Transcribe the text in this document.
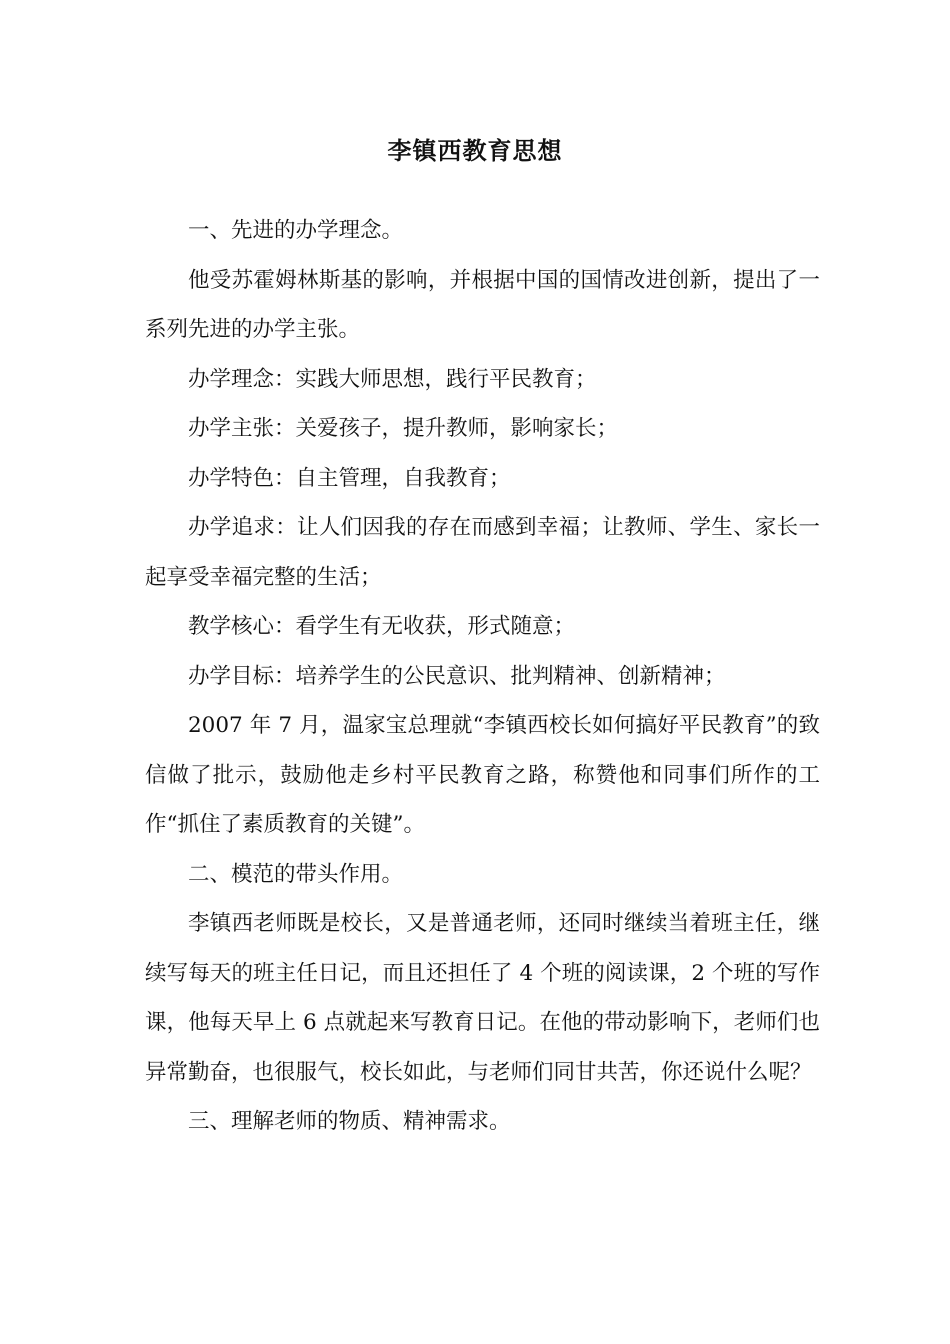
李镇西教育思想

一、先进的办学理念。

他受苏霍姆林斯基的影响，并根据中国的国情改进创新，提出了一系列先进的办学主张。

办学理念：实践大师思想，践行平民教育；

办学主张：关爱孩子，提升教师，影响家长；

办学特色：自主管理，自我教育；

办学追求：让人们因我的存在而感到幸福；让教师、学生、家长一起享受幸福完整的生活；

教学核心：看学生有无收获，形式随意；

办学目标：培养学生的公民意识、批判精神、创新精神；

2007 年 7 月，温家宝总理就“李镇西校长如何搞好平民教育”的致信做了批示，鼓励他走乡村平民教育之路，称赞他和同事们所作的工作“抓住了素质教育的关键”。

二、模范的带头作用。

李镇西老师既是校长，又是普通老师，还同时继续当着班主任，继续写每天的班主任日记，而且还担任了 4 个班的阅读课，2 个班的写作课，他每天早上 6 点就起来写教育日记。在他的带动影响下，老师们也异常勤奋，也很服气，校长如此，与老师们同甘共苦，你还说什么呢？

三、理解老师的物质、精神需求。
